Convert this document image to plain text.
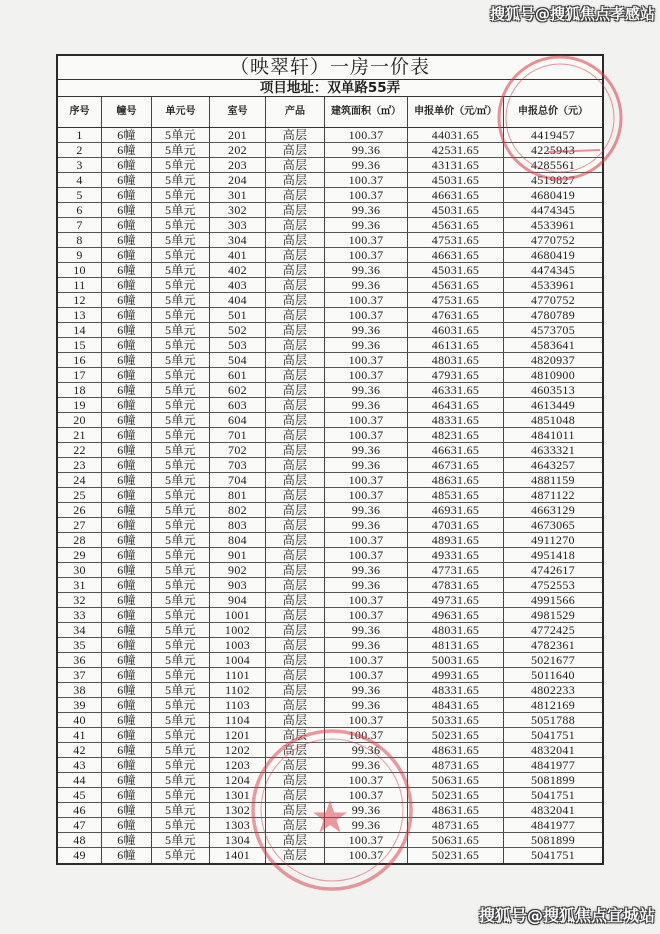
搜狐号@搜狐焦点孝感站
（映翠轩）一房一价表
项目地址：双单路55弄
序号	幢号	单元号	室号	产品	建筑面积（㎡）	申报单价（元/㎡）	申报总价（元）
1	6幢	5单元	201	高层	100.37	44031.65	4419457
2	6幢	5单元	202	高层	99.36	42531.65	4225943
3	6幢	5单元	203	高层	99.36	43131.65	4285561
4	6幢	5单元	204	高层	100.37	45031.65	4519827
5	6幢	5单元	301	高层	100.37	46631.65	4680419
6	6幢	5单元	302	高层	99.36	45031.65	4474345
7	6幢	5单元	303	高层	99.36	45631.65	4533961
8	6幢	5单元	304	高层	100.37	47531.65	4770752
9	6幢	5单元	401	高层	100.37	46631.65	4680419
10	6幢	5单元	402	高层	99.36	45031.65	4474345
11	6幢	5单元	403	高层	99.36	45631.65	4533961
12	6幢	5单元	404	高层	100.37	47531.65	4770752
13	6幢	5单元	501	高层	100.37	47631.65	4780789
14	6幢	5单元	502	高层	99.36	46031.65	4573705
15	6幢	5单元	503	高层	99.36	46131.65	4583641
16	6幢	5单元	504	高层	100.37	48031.65	4820937
17	6幢	5单元	601	高层	100.37	47931.65	4810900
18	6幢	5单元	602	高层	99.36	46331.65	4603513
19	6幢	5单元	603	高层	99.36	46431.65	4613449
20	6幢	5单元	604	高层	100.37	48331.65	4851048
21	6幢	5单元	701	高层	100.37	48231.65	4841011
22	6幢	5单元	702	高层	99.36	46631.65	4633321
23	6幢	5单元	703	高层	99.36	46731.65	4643257
24	6幢	5单元	704	高层	100.37	48631.65	4881159
25	6幢	5单元	801	高层	100.37	48531.65	4871122
26	6幢	5单元	802	高层	99.36	46931.65	4663129
27	6幢	5单元	803	高层	99.36	47031.65	4673065
28	6幢	5单元	804	高层	100.37	48931.65	4911270
29	6幢	5单元	901	高层	100.37	49331.65	4951418
30	6幢	5单元	902	高层	99.36	47731.65	4742617
31	6幢	5单元	903	高层	99.36	47831.65	4752553
32	6幢	5单元	904	高层	100.37	49731.65	4991566
33	6幢	5单元	1001	高层	100.37	49631.65	4981529
34	6幢	5单元	1002	高层	99.36	48031.65	4772425
35	6幢	5单元	1003	高层	99.36	48131.65	4782361
36	6幢	5单元	1004	高层	100.37	50031.65	5021677
37	6幢	5单元	1101	高层	100.37	49931.65	5011640
38	6幢	5单元	1102	高层	99.36	48331.65	4802233
39	6幢	5单元	1103	高层	99.36	48431.65	4812169
40	6幢	5单元	1104	高层	100.37	50331.65	5051788
41	6幢	5单元	1201	高层	100.37	50231.65	5041751
42	6幢	5单元	1202	高层	99.36	48631.65	4832041
43	6幢	5单元	1203	高层	99.36	48731.65	4841977
44	6幢	5单元	1204	高层	100.37	50631.65	5081899
45	6幢	5单元	1301	高层	100.37	50231.65	5041751
46	6幢	5单元	1302	高层	99.36	48631.65	4832041
47	6幢	5单元	1303	高层	99.36	48731.65	4841977
48	6幢	5单元	1304	高层	100.37	50631.65	5081899
49	6幢	5单元	1401	高层	100.37	50231.65	5041751
搜狐号@搜狐焦点宜城站
